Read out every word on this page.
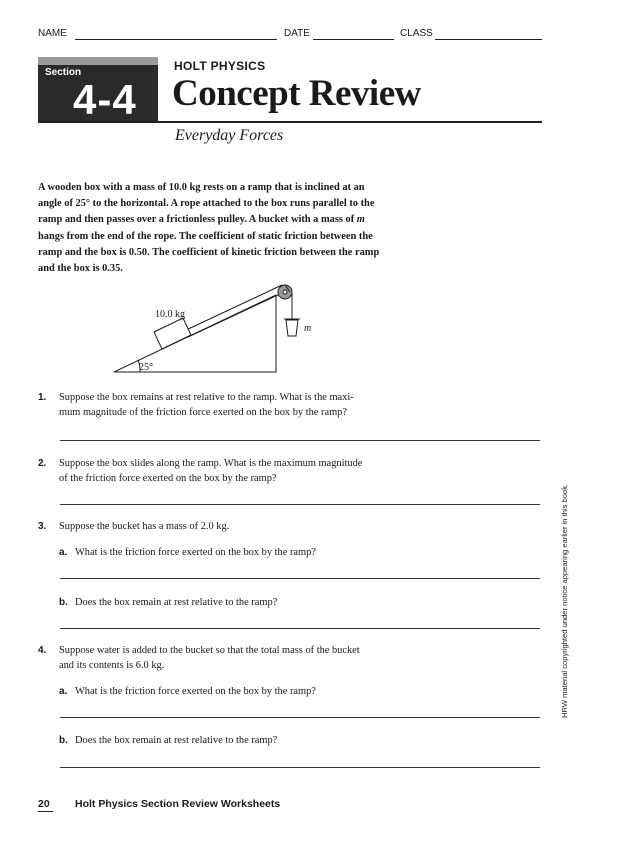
NAME	DATE	CLASS
Section
4-4
HOLT PHYSICS
Concept Review
Everyday Forces
A wooden box with a mass of 10.0 kg rests on a ramp that is inclined at an angle of 25° to the horizontal. A rope attached to the box runs parallel to the ramp and then passes over a frictionless pulley. A bucket with a mass of m hangs from the end of the rope. The coefficient of static friction between the ramp and the box is 0.50. The coefficient of kinetic friction between the ramp and the box is 0.35.
10.0 kg
m
25°
1. Suppose the box remains at rest relative to the ramp. What is the maxi-
mum magnitude of the friction force exerted on the box by the ramp?
2. Suppose the box slides along the ramp. What is the maximum magnitude
of the friction force exerted on the box by the ramp?
3. Suppose the bucket has a mass of 2.0 kg.
a. What is the friction force exerted on the box by the ramp?
b. Does the box remain at rest relative to the ramp?
4. Suppose water is added to the bucket so that the total mass of the bucket
and its contents is 6.0 kg.
a. What is the friction force exerted on the box by the ramp?
b. Does the box remain at rest relative to the ramp?
HRW material copyrighted under notice appearing earlier in this book.
20 Holt Physics Section Review Worksheets
